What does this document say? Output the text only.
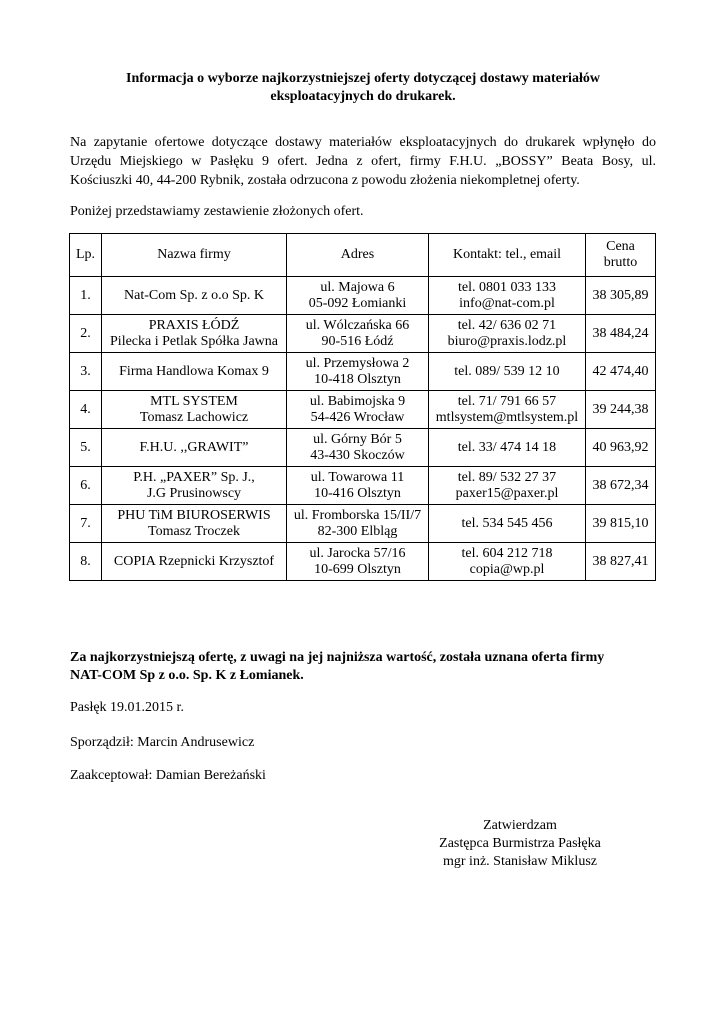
Informacja o wyborze najkorzystniejszej oferty dotyczącej dostawy materiałów
eksploatacyjnych do drukarek.
Na zapytanie ofertowe dotyczące dostawy materiałów eksploatacyjnych do drukarek wpłynęło do
Urzędu Miejskiego w Pasłęku 9 ofert. Jedna z ofert, firmy F.H.U. „BOSSY” Beata Bosy, ul.
Kościuszki 40, 44-200 Rybnik, została odrzucona z powodu złożenia niekompletnej oferty.
Poniżej przedstawiamy zestawienie złożonych ofert.
Lp.	Nazwa firmy	Adres	Kontakt: tel., email	Cena brutto

1.	Nat-Com Sp. z o.o Sp. K	ul. Majowa 6
05-092 Łomianki	tel. 0801 033 133
info@nat-com.pl	38 305,89

2.	PRAXIS ŁÓDŹ
Pilecka i Petlak Spółka Jawna	ul. Wólczańska 66
90-516 Łódź	tel. 42/ 636 02 71
biuro@praxis.lodz.pl	38 484,24

3.	Firma Handlowa Komax 9	ul. Przemysłowa 2
10-418 Olsztyn	tel. 089/ 539 12 10	42 474,40

4.	MTL SYSTEM
Tomasz Lachowicz	ul. Babimojska 9
54-426 Wrocław	tel. 71/ 791 66 57
mtlsystem@mtlsystem.pl	39 244,38

5.	F.H.U. ,,GRAWIT”	ul. Górny Bór 5
43-430 Skoczów	tel. 33/ 474 14 18	40 963,92

6.	P.H. „PAXER” Sp. J.,
J.G Prusinowscy	ul. Towarowa 11
10-416 Olsztyn	tel. 89/ 532 27 37
paxer15@paxer.pl	38 672,34

7.	PHU TiM BIUROSERWIS
Tomasz Troczek	ul. Fromborska 15/II/7
82-300 Elbląg	tel. 534 545 456	39 815,10

8.	COPIA Rzepnicki Krzysztof	ul. Jarocka 57/16
10-699 Olsztyn	tel. 604 212 718
copia@wp.pl	38 827,41
Za najkorzystniejszą ofertę, z uwagi na jej najniższa wartość, została uznana oferta firmy
NAT-COM Sp z o.o. Sp. K z Łomianek.
Pasłęk 19.01.2015 r.
Sporządził: Marcin Andrusewicz
Zaakceptował: Damian Bereżański
Zatwierdzam
Zastępca Burmistrza Pasłęka
mgr inż. Stanisław Miklusz
